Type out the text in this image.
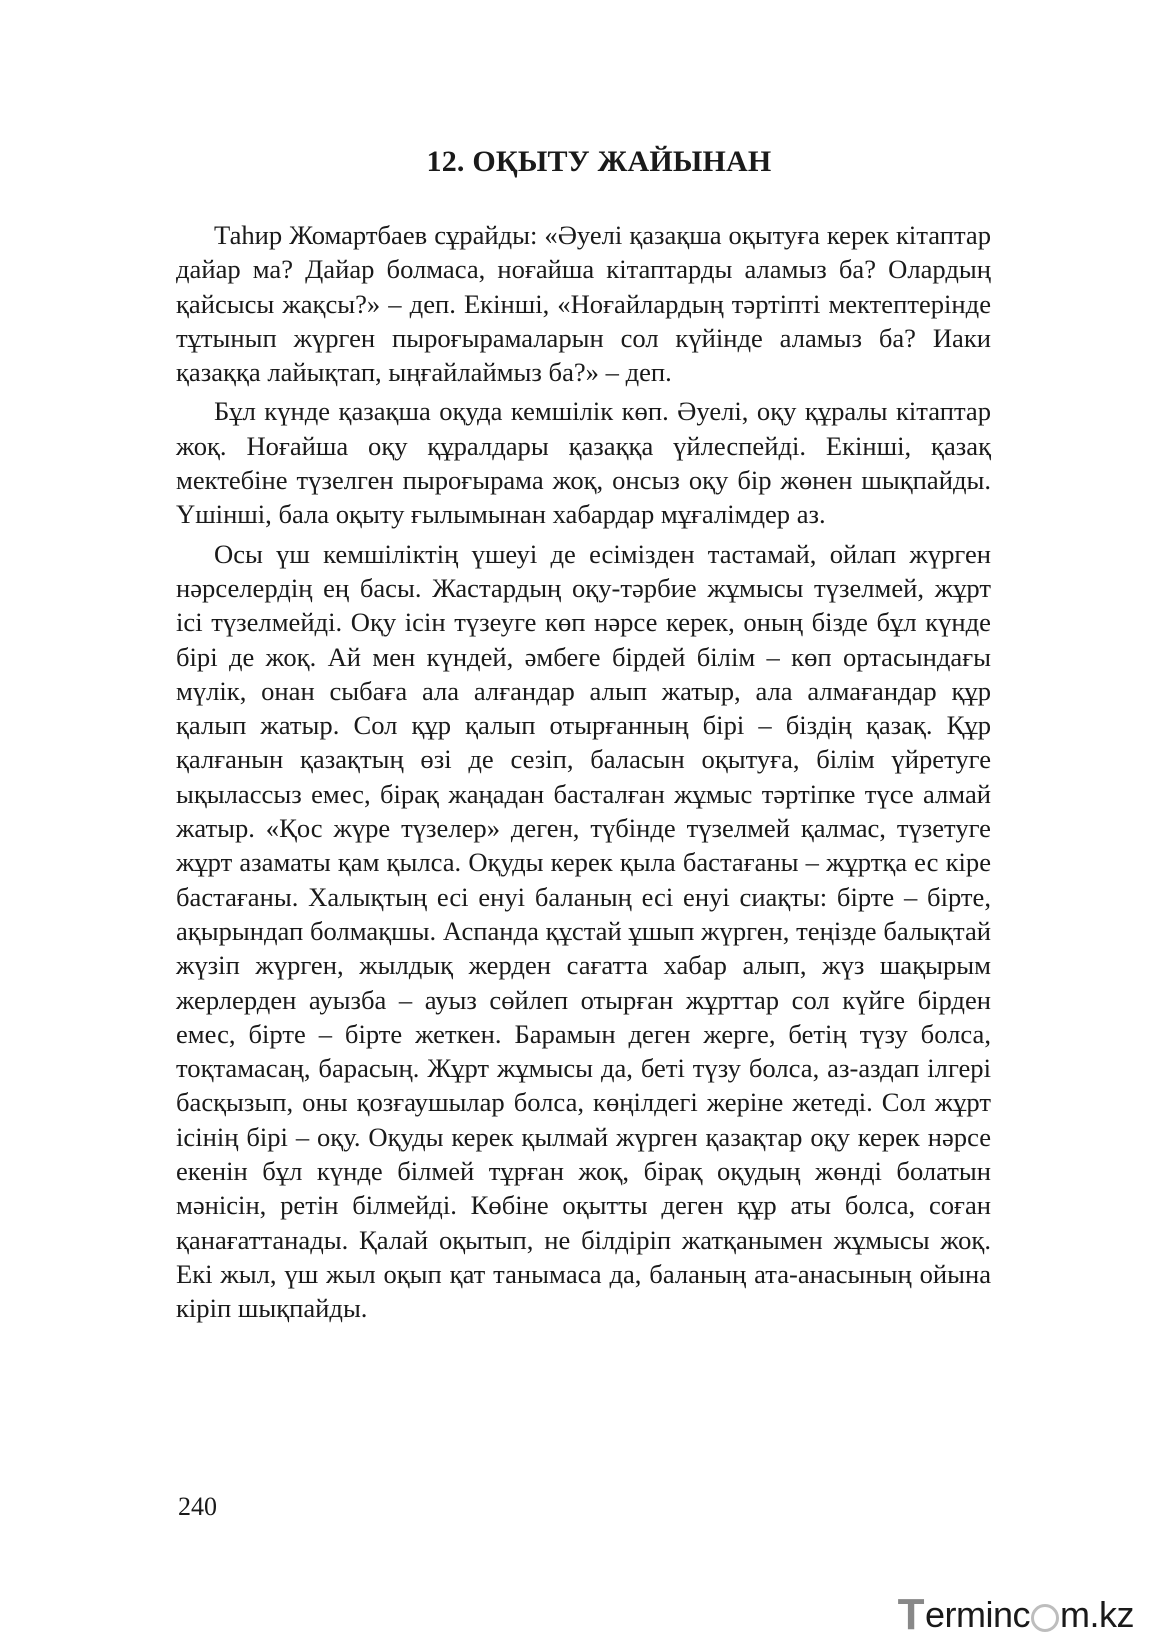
12. ОҚЫТУ ЖАЙЫНАН

Таһир Жомартбаев сұрайды: «Әуелі қазақша оқытуға керек кітаптар дайар ма? Дайар болмаса, ноғайша кітаптарды аламыз ба? Олардың қайсысы жақсы?» – деп. Екінші, «Ноғайлардың тәртіпті мектептерінде тұтынып жүрген пыроғырамаларын сол күйінде аламыз ба? Иаки қазаққа лайықтап, ыңғайлаймыз ба?» – деп.

Бұл күнде қазақша оқуда кемшілік көп. Әуелі, оқу құралы кітаптар жоқ. Ноғайша оқу құралдары қазаққа үйлеспейді. Екінші, қазақ мектебіне түзелген пыроғырама жоқ, онсыз оқу бір жөнен шықпайды. Үшінші, бала оқыту ғылымынан хабардар мұғалімдер аз.

Осы үш кемшіліктің үшеуі де есімізден тастамай, ойлап жүрген нәрселердің ең басы. Жастардың оқу-тәрбие жұмысы түзелмей, жұрт ісі түзелмейді. Оқу ісін түзеуге көп нәрсе керек, оның бізде бұл күнде бірі де жоқ. Ай мен күндей, әмбеге бірдей білім – көп ортасындағы мүлік, онан сыбаға ала алғандар алып жатыр, ала алмағандар құр қалып жатыр. Сол құр қалып отырғанның бірі – біздің қазақ. Құр қалғанын қазақтың өзі де сезіп, баласын оқытуға, білім үйретуге ықылассыз емес, бірақ жаңадан басталған жұмыс тәртіпке түсе алмай жатыр. «Қос жүре түзелер» деген, түбінде түзелмей қалмас, түзетуге жұрт азаматы қам қылса. Оқуды керек қыла бастағаны – жұртқа ес кіре бастағаны. Халықтың есі енуі баланың есі енуі сиақты: бірте – бірте, ақырындап болмақшы. Аспанда құстай ұшып жүрген, теңізде балықтай жүзіп жүрген, жылдық жерден сағатта хабар алып, жүз шақырым жерлерден ауызба – ауыз сөйлеп отырған жұрттар сол күйге бірден емес, бірте – бірте жеткен. Барамын деген жерге, бетің түзу болса, тоқтамасаң, барасың. Жұрт жұмысы да, беті түзу болса, аз-аздап ілгері басқызып, оны қозғаушылар болса, көңілдегі жеріне жетеді. Сол жұрт ісінің бірі – оқу. Оқуды керек қылмай жүрген қазақтар оқу керек нәрсе екенін бұл күнде білмей тұрған жоқ, бірақ оқудың жөнді болатын мәнісін, ретін білмейді. Көбіне оқытты деген құр аты болса, соған қанағаттанады. Қалай оқытып, не білдіріп жатқанымен жұмысы жоқ. Екі жыл, үш жыл оқып қат танымaса да, баланың ата-анасының ойына кіріп шықпайды.

240
T erminc m.kz
